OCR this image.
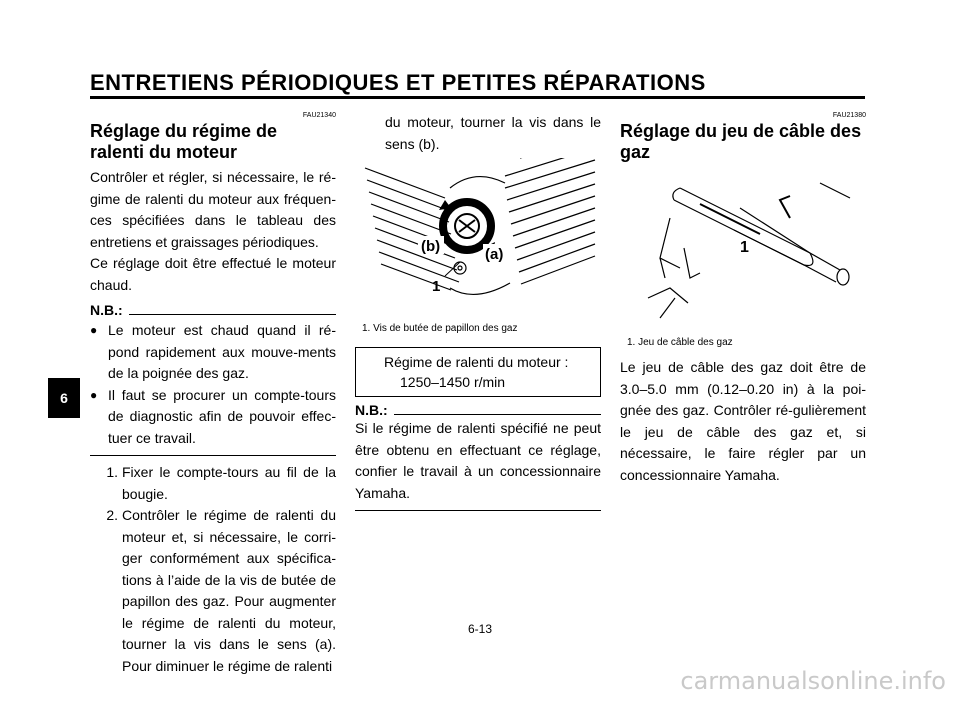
ENTRETIENS PÉRIODIQUES ET PETITES RÉPARATIONS
6
FAU21340
Réglage du régime de ralenti du moteur

Contrôler et régler, si nécessaire, le ré-gime de ralenti du moteur aux fréquen-ces spécifiées dans le tableau des entretiens et graissages périodiques.

Ce réglage doit être effectué le moteur chaud.

N.B.:
● Le moteur est chaud quand il ré-pond rapidement aux mouve-ments de la poignée des gaz.
● Il faut se procurer un compte-tours de diagnostic afin de pouvoir effec-tuer ce travail.
1. Fixer le compte-tours au fil de la bougie.
2. Contrôler le régime de ralenti du moteur et, si nécessaire, le corri-ger conformément aux spécifica-tions à l’aide de la vis de butée de papillon des gaz. Pour augmenter le régime de ralenti du moteur, tourner la vis dans le sens (a). Pour diminuer le régime de ralenti

du moteur, tourner la vis dans le sens (b).

(b)	(a)
1
1. Vis de butée de papillon des gaz
Régime de ralenti du moteur :
1250–1450 r/min
N.B.:

Si le régime de ralenti spécifié ne peut être obtenu en effectuant ce réglage, confier le travail à un concessionnaire Yamaha.

FAU21380
Réglage du jeu de câble des gaz
1
1. Jeu de câble des gaz

Le jeu de câble des gaz doit être de 3.0–5.0 mm (0.12–0.20 in) à la poi-gnée des gaz. Contrôler ré-gulièrement le jeu de câble des gaz et, si nécessaire, le faire régler par un concessionnaire Yamaha.

6-13
carmanualsonline.info
